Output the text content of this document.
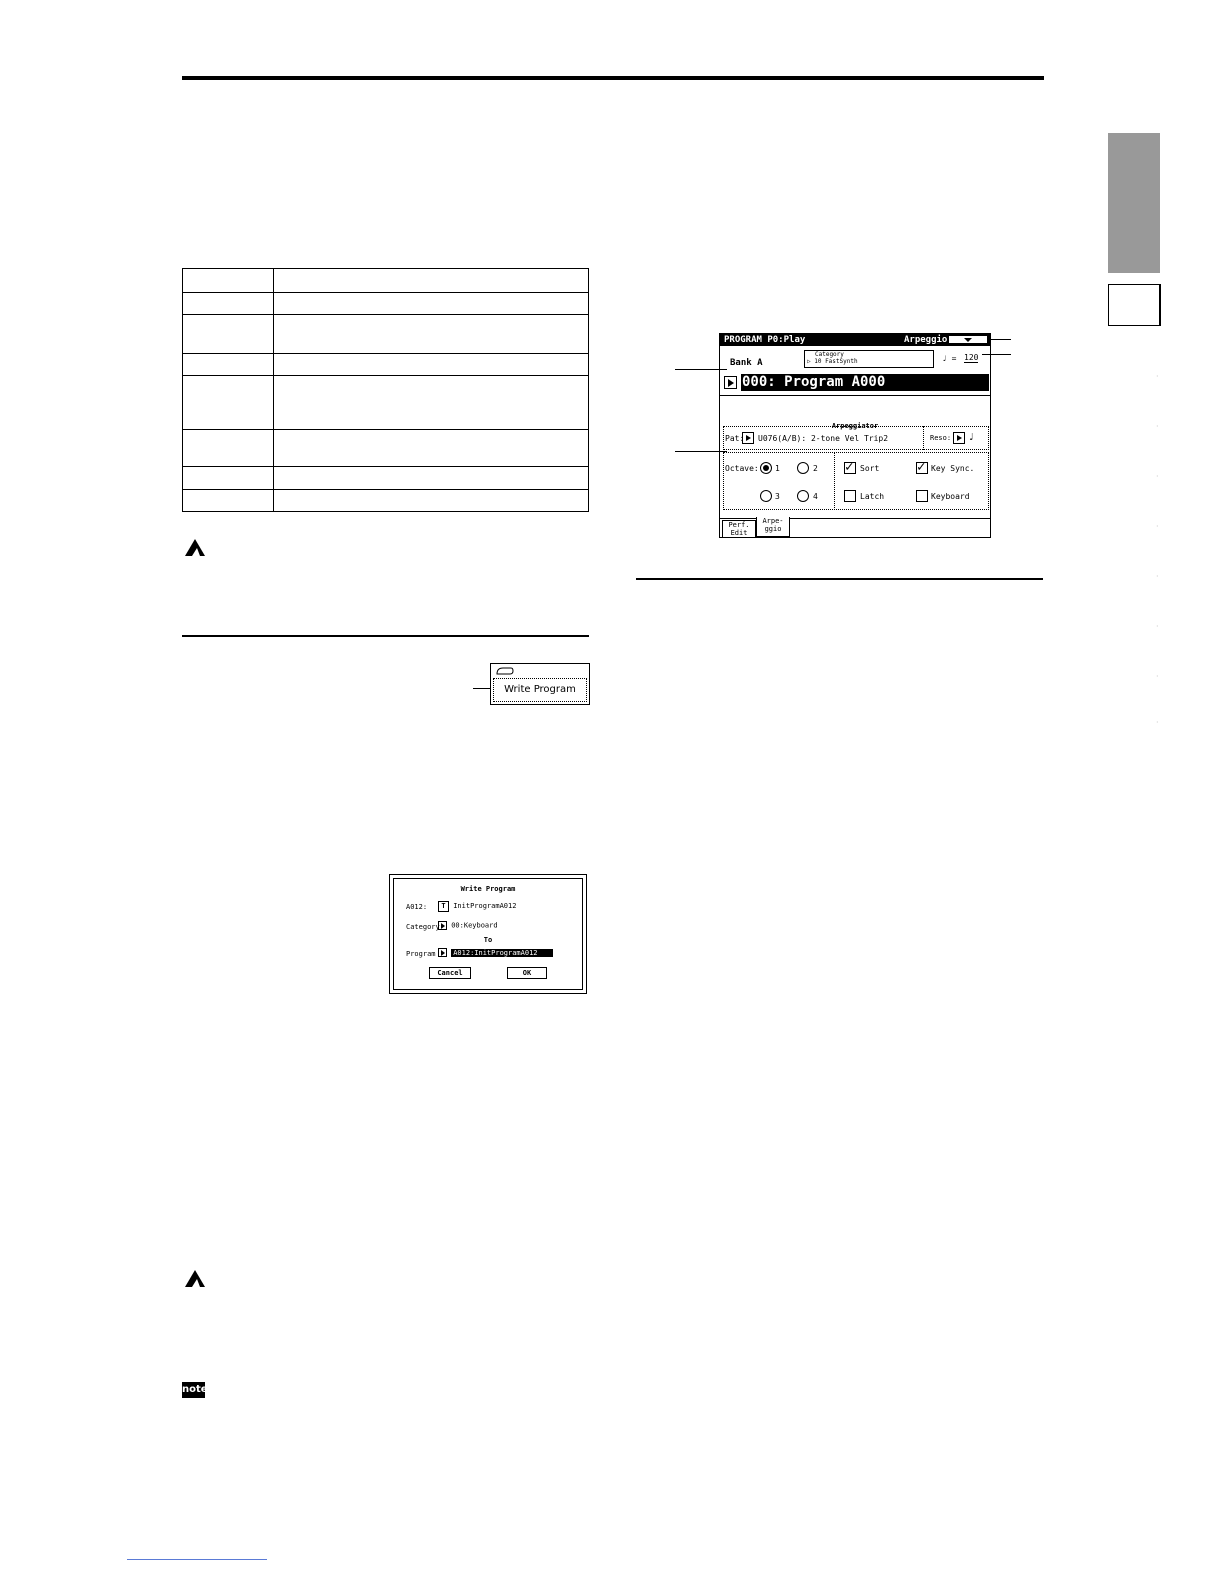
·
·
·
·
·
·
·
·

note
Write Program
Write Program
A012:	T InitProgramA012
Category	00:Keyboard
To
Program	A012:InitProgramA012
Cancel	OK
PROGRAM P0:Play	Arpeggio
Bank A
Category
▷ 10 FastSynth	♩ = 120
000: Program A000
Arpeggiator
Pat: U076(A/B): 2-tone Vel Trip2	Reso: ♩
Octave: 1	2
3	4
✓
Sort
✓	Key Sync.
Latch	Keyboard
Perf.
Edit
Arpe-
ggio
